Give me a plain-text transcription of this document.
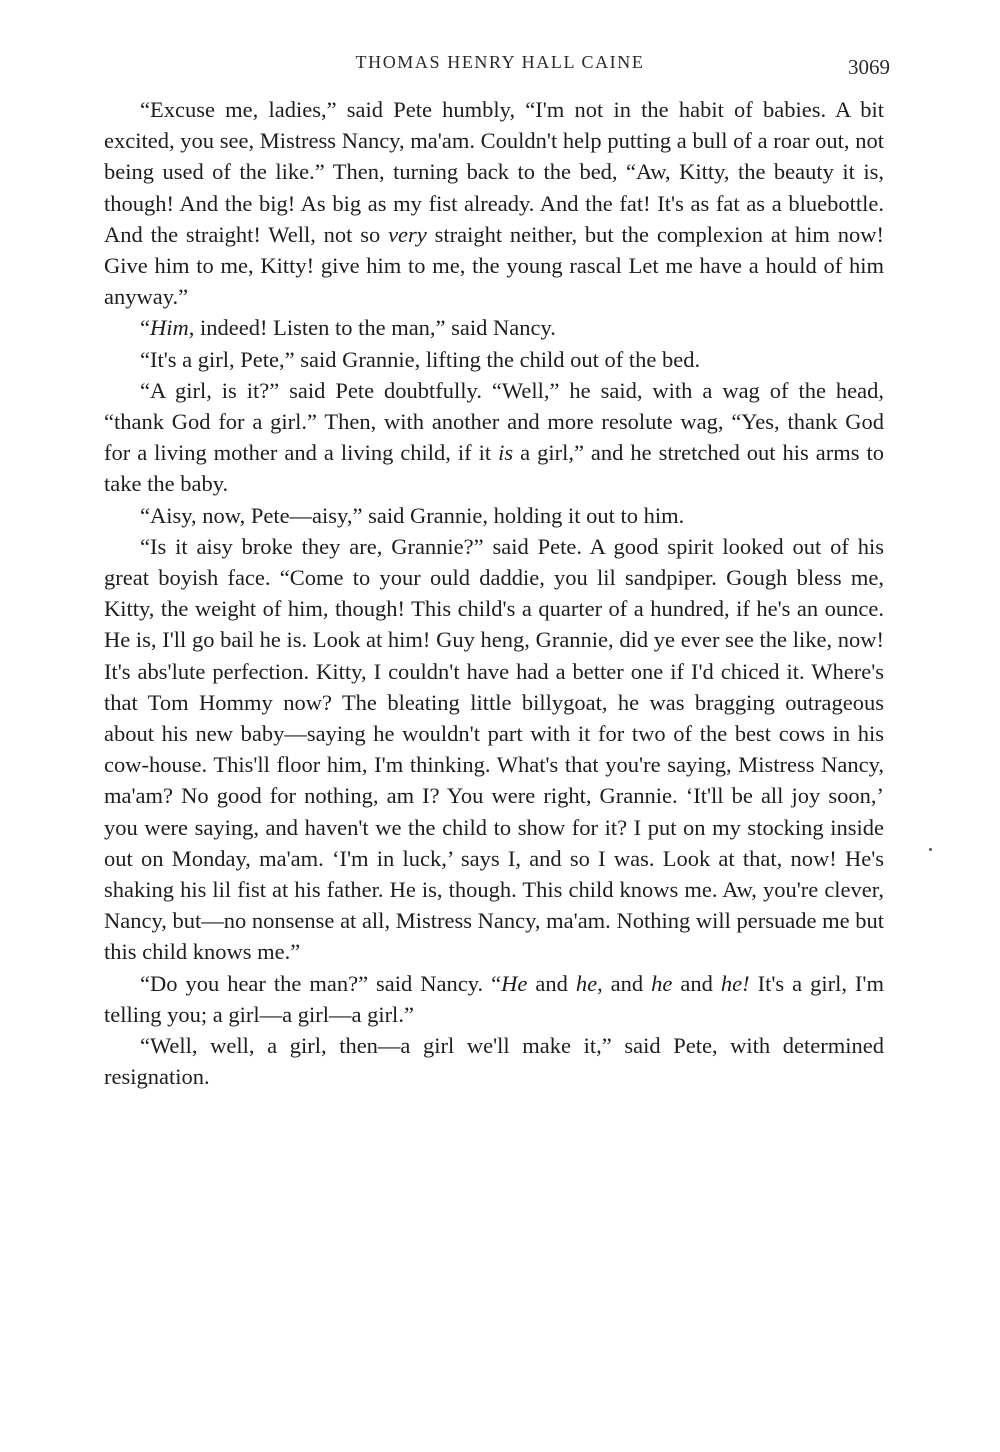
THOMAS HENRY HALL CAINE	3069

“Excuse me, ladies,” said Pete humbly, “I'm not in the habit of babies. A bit excited, you see, Mistress Nancy, ma'am. Couldn't help putting a bull of a roar out, not being used of the like.” Then, turning back to the bed, “Aw, Kitty, the beauty it is, though! And the big! As big as my fist already. And the fat! It's as fat as a bluebottle. And the straight! Well, not so very straight neither, but the complexion at him now! Give him to me, Kitty! give him to me, the young rascal Let me have a hould of him anyway.”

“Him, indeed! Listen to the man,” said Nancy.

“It's a girl, Pete,” said Grannie, lifting the child out of the bed.

“A girl, is it?” said Pete doubtfully. “Well,” he said, with a wag of the head, “thank God for a girl.” Then, with another and more resolute wag, “Yes, thank God for a living mother and a living child, if it is a girl,” and he stretched out his arms to take the baby.

“Aisy, now, Pete—aisy,” said Grannie, holding it out to him.

“Is it aisy broke they are, Grannie?” said Pete. A good spirit looked out of his great boyish face. “Come to your ould daddie, you lil sandpiper. Gough bless me, Kitty, the weight of him, though! This child's a quarter of a hundred, if he's an ounce. He is, I'll go bail he is. Look at him! Guy heng, Grannie, did ye ever see the like, now! It's abs'lute perfection. Kitty, I couldn't have had a better one if I'd chiced it. Where's that Tom Hommy now? The bleating little billygoat, he was bragging outrageous about his new baby—saying he wouldn't part with it for two of the best cows in his cow-house. This'll floor him, I'm thinking. What's that you're saying, Mistress Nancy, ma'am? No good for nothing, am I? You were right, Grannie. ‘It'll be all joy soon,’ you were saying, and haven't we the child to show for it? I put on my stocking inside out on Monday, ma'am. ‘I'm in luck,’ says I, and so I was. Look at that, now! He's shaking his lil fist at his father. He is, though. This child knows me. Aw, you're clever, Nancy, but—no nonsense at all, Mistress Nancy, ma'am. Nothing will persuade me but this child knows me.”

“Do you hear the man?” said Nancy. “He and he, and he and he! It's a girl, I'm telling you; a girl—a girl—a girl.”

“Well, well, a girl, then—a girl we'll make it,” said Pete, with determined resignation.
